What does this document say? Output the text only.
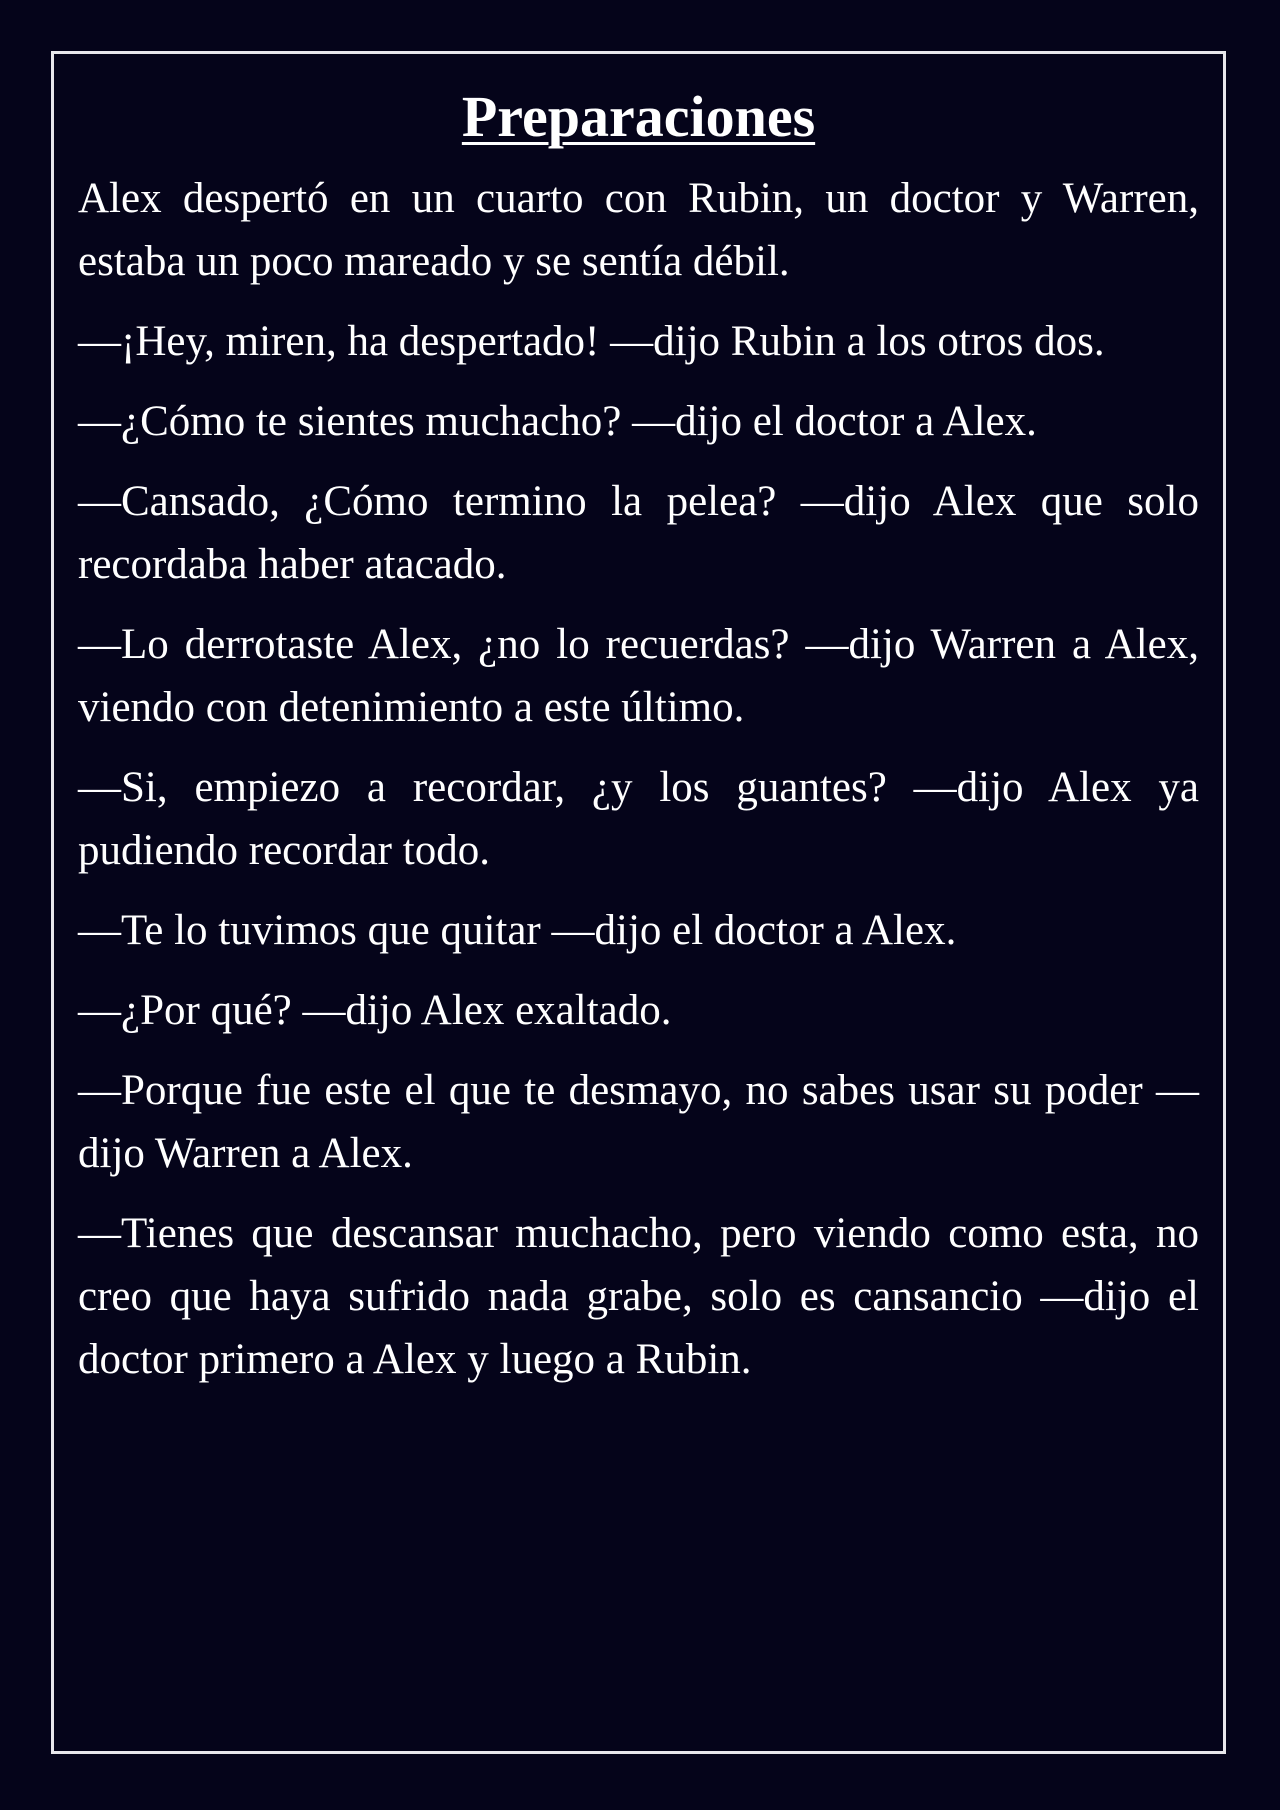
Preparaciones

Alex despertó en un cuarto con Rubin, un doctor y Warren, estaba un poco mareado y se sentía débil.

—¡Hey, miren, ha despertado! —dijo Rubin a los otros dos.

—¿Cómo te sientes muchacho? —dijo el doctor a Alex.

—Cansado, ¿Cómo termino la pelea? —dijo Alex que solo recordaba haber atacado.

—Lo derrotaste Alex, ¿no lo recuerdas? —dijo Warren a Alex, viendo con detenimiento a este último.

—Si, empiezo a recordar, ¿y los guantes? —dijo Alex ya pudiendo recordar todo.

—Te lo tuvimos que quitar —dijo el doctor a Alex.

—¿Por qué? —dijo Alex exaltado.

—Porque fue este el que te desmayo, no sabes usar su poder —dijo Warren a Alex.

—Tienes que descansar muchacho, pero viendo como esta, no creo que haya sufrido nada grabe, solo es cansancio —dijo el doctor primero a Alex y luego a Rubin.
